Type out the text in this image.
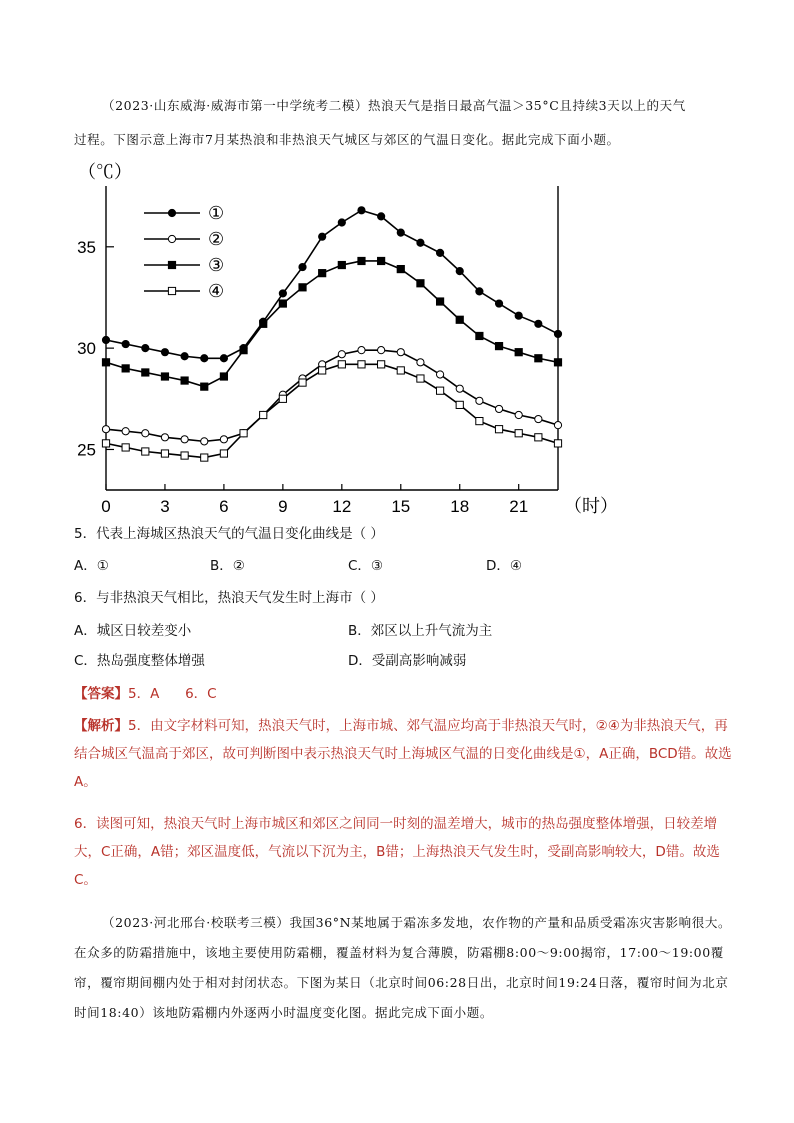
（2023·山东威海·威海市第一中学统考二模）热浪天气是指日最高气温＞35°C且持续3天以上的天气

过程。下图示意上海市7月某热浪和非热浪天气城区与郊区的气温日变化。据此完成下面小题。

25
30
35
0	3	6	9	12 15 18 21
（℃）
（时）
①
②
③
④

5．代表上海城区热浪天气的气温日变化曲线是（ ）

A．①	B．②	C．③	D．④

6．与非热浪天气相比，热浪天气发生时上海市（ ）

A．城区日较差变小	B．郊区以上升气流为主
C．热岛强度整体增强	D．受副高影响减弱

【答案】5．A      6．C

【解析】5．由文字材料可知，热浪天气时，上海市城、郊气温应均高于非热浪天气时，②④为非热浪天气，再结合城区气温高于郊区，故可判断图中表示热浪天气时上海城区气温的日变化曲线是①，A正确，BCD错。故选A。

6．读图可知，热浪天气时上海市城区和郊区之间同一时刻的温差增大，城市的热岛强度整体增强，日较差增大，C正确，A错；郊区温度低，气流以下沉为主，B错；上海热浪天气发生时，受副高影响较大，D错。故选C。

（2023·河北邢台·校联考三模）我国36°N某地属于霜冻多发地，农作物的产量和品质受霜冻灾害影响很大。在众多的防霜措施中，该地主要使用防霜棚，覆盖材料为复合薄膜，防霜棚8:00～9:00揭帘，17:00～19:00覆帘，覆帘期间棚内处于相对封闭状态。下图为某日（北京时间06:28日出，北京时间19:24日落，覆帘时间为北京时间18:40）该地防霜棚内外逐两小时温度变化图。据此完成下面小题。
